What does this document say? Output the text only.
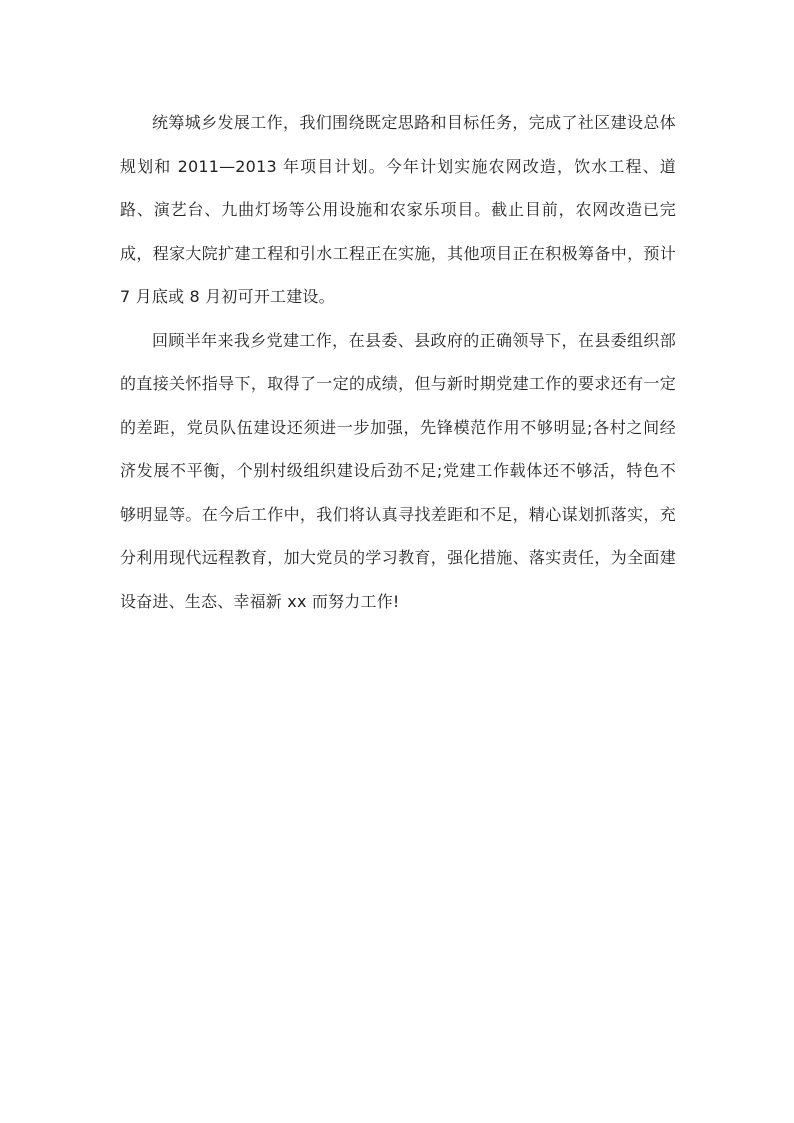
统筹城乡发展工作，我们围绕既定思路和目标任务，完成了社区建设总体规划和 2011—2013 年项目计划。今年计划实施农网改造，饮水工程、道路、演艺台、九曲灯场等公用设施和农家乐项目。截止目前，农网改造已完成，程家大院扩建工程和引水工程正在实施，其他项目正在积极筹备中，预计 7 月底或 8 月初可开工建设。

回顾半年来我乡党建工作，在县委、县政府的正确领导下，在县委组织部的直接关怀指导下，取得了一定的成绩，但与新时期党建工作的要求还有一定的差距，党员队伍建设还须进一步加强，先锋模范作用不够明显;各村之间经济发展不平衡，个别村级组织建设后劲不足;党建工作载体还不够活，特色不够明显等。在今后工作中，我们将认真寻找差距和不足，精心谋划抓落实，充分利用现代远程教育，加大党员的学习教育，强化措施、落实责任，为全面建设奋进、生态、幸福新 xx 而努力工作!
